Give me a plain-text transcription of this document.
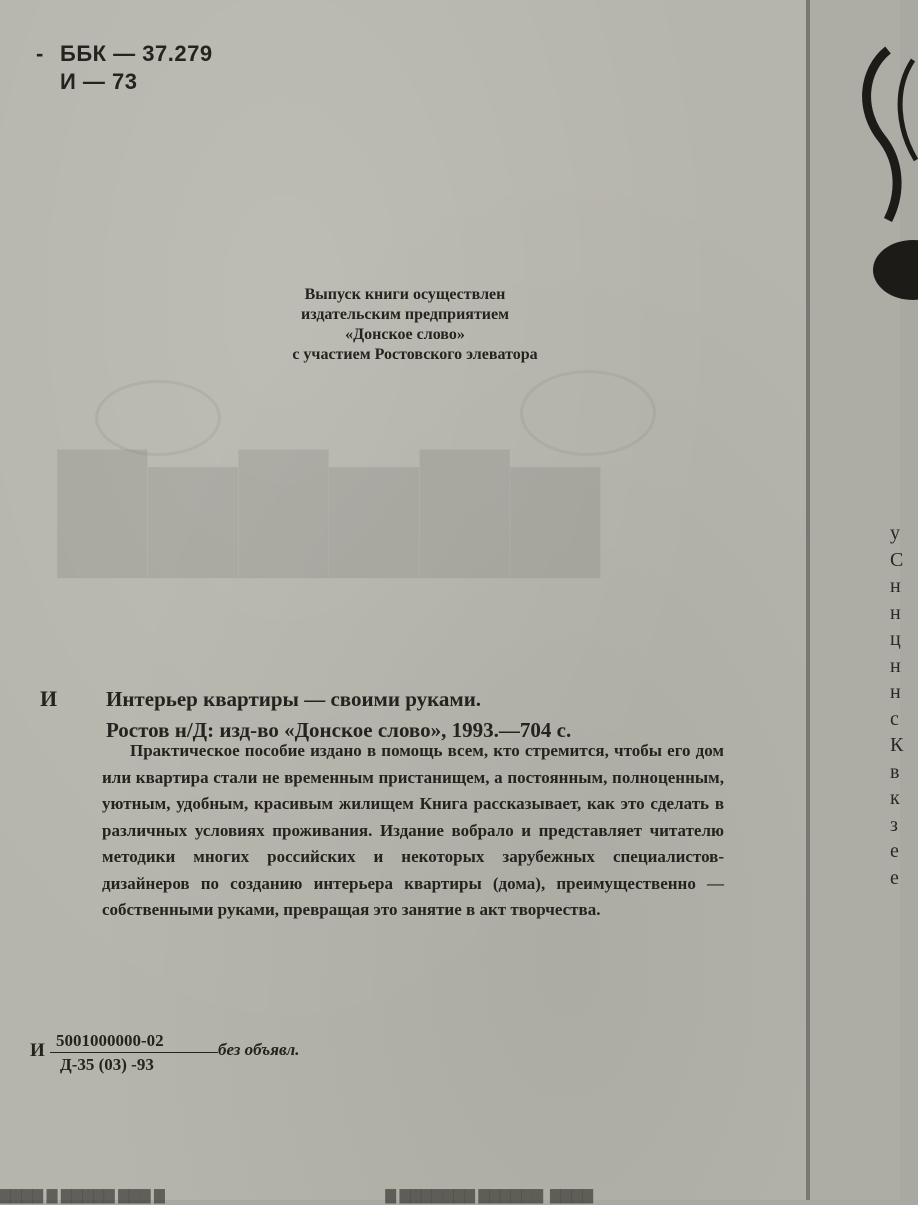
▇▆▇▆▇▆
- ББК — 37.279
И — 73
Выпуск книги осуществлен
издательским предприятием
«Донское слово»
с участием Ростовского элеватора
И Интерьер квартиры — своими руками.
Ростов н/Д: изд-во «Донское слово», 1993.—704 с.
Практическое пособие издано в помощь всем, кто стремится, чтобы его дом или квартира стали не временным пристанищем, а постоянным, полноценным, уютным, удобным, красивым жилищем Книга рассказывает, как это сделать в различных условиях проживания. Издание вобрало и представляет читателю методики многих российских и некоторых зарубежных специалистов-дизайнеров по созданию интерьера квартиры (дома), преимущественно — собственными руками, превращая это занятие в акт творчества.
И 5001000000-02
Д-35 (03) -93
без объявл.
▇▇▇▇ ▇ ▇▇▇▇▇ ▇▇▇ ▇                                                               ▇ ▇▇▇▇▇▇▇ ▇▇▇▇▇▇  ▇▇▇▇
у
С
н
н
ц
н
н
с
К
в
к
з
е
е
